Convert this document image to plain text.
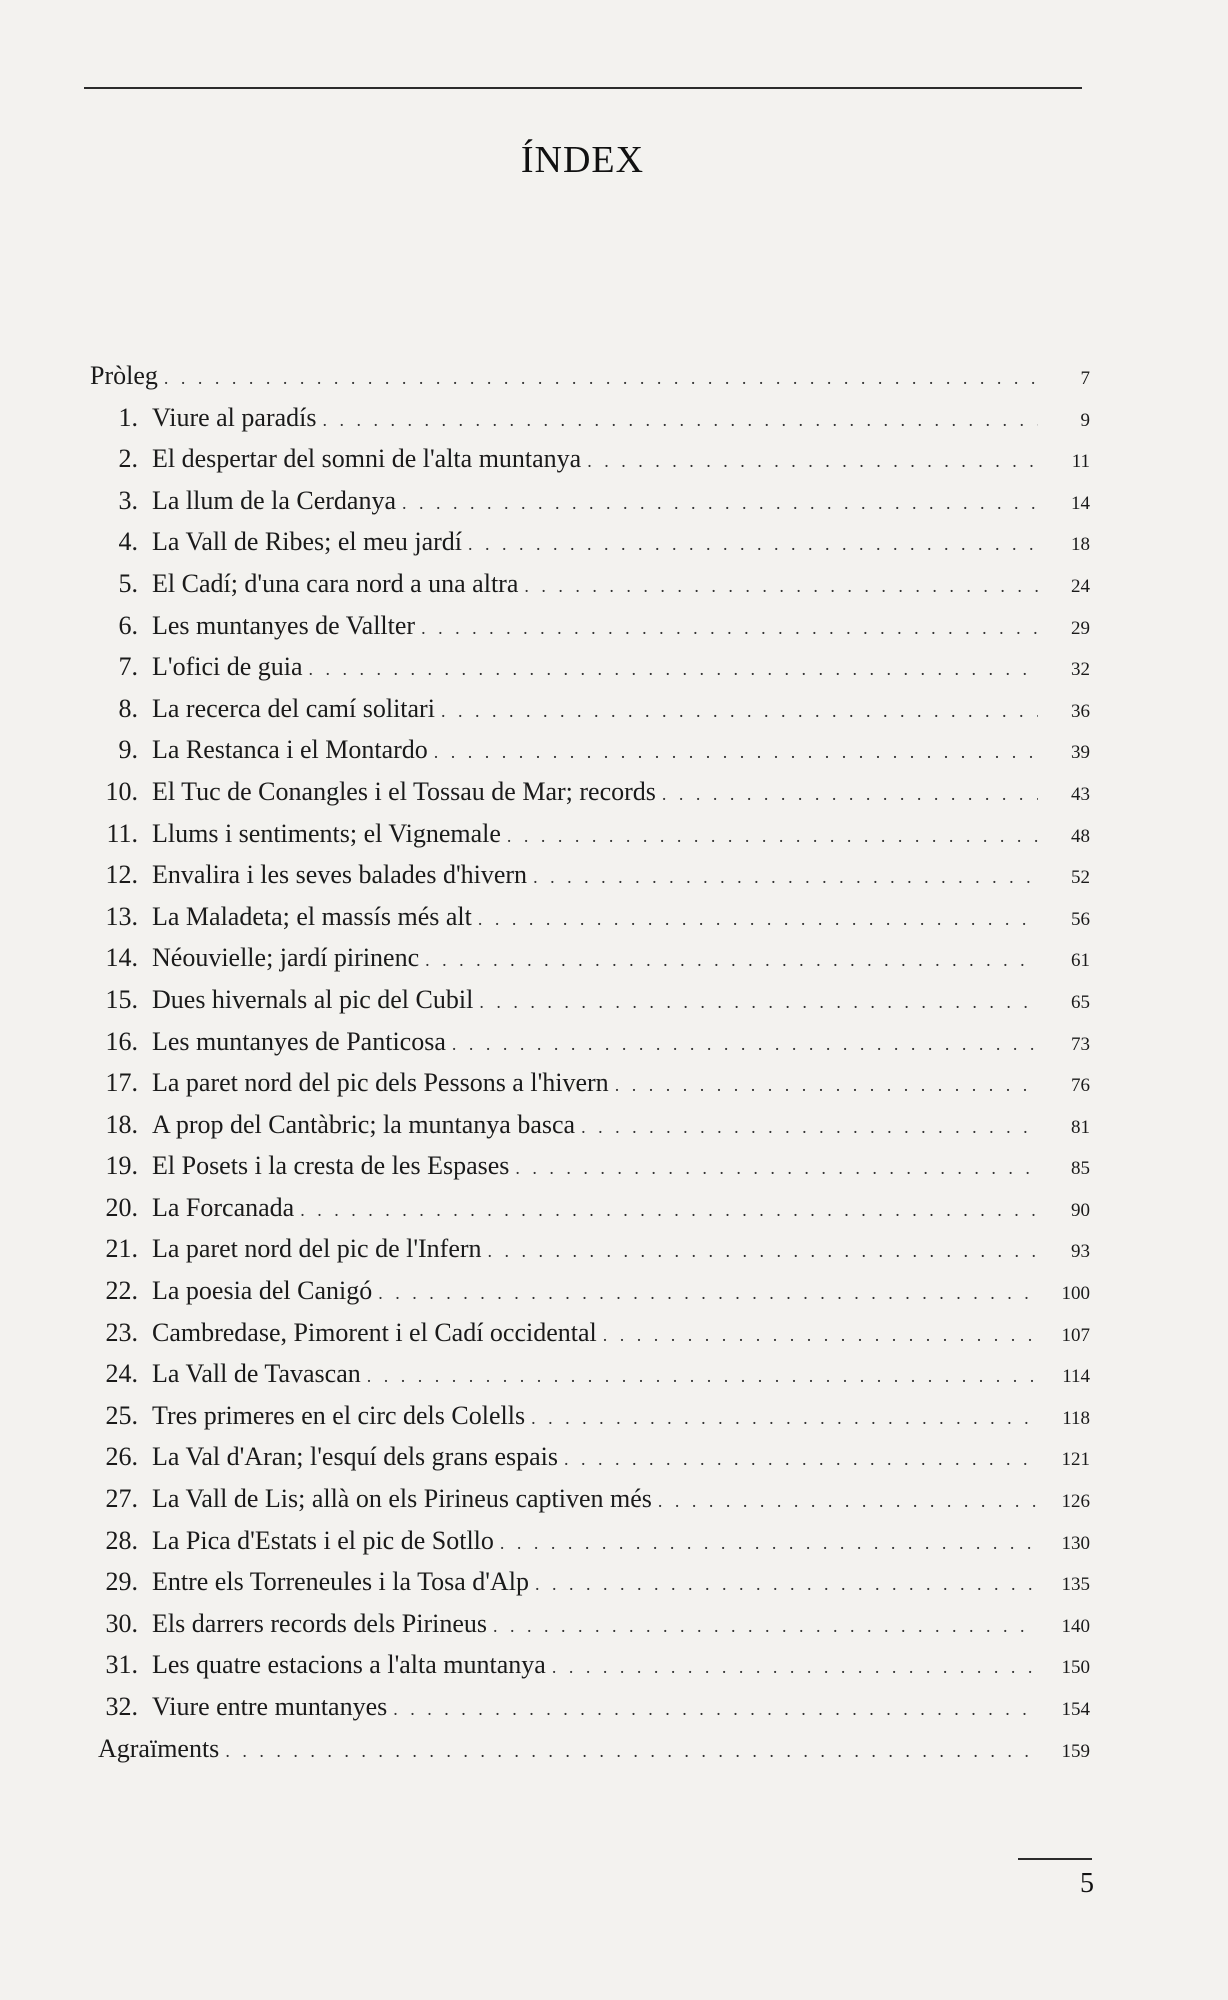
ÍNDEX
Pròleg . . .	7
1. Viure al paradís . . .	9
2. El despertar del somni de l'alta muntanya . . .	11
3. La llum de la Cerdanya . . .	14
4. La Vall de Ribes; el meu jardí . . .	18
5. El Cadí; d'una cara nord a una altra . . .	24
6. Les muntanyes de Vallter . . .	29
7. L'ofici de guia . . .	32
8. La recerca del camí solitari . . .	36
9. La Restanca i el Montardo . . .	39
10. El Tuc de Conangles i el Tossau de Mar; records . . .	43
11. Llums i sentiments; el Vignemale . . .	48
12. Envalira i les seves balades d'hivern . . .	52
13. La Maladeta; el massís més alt . . .	56
14. Néouvielle; jardí pirinenc . . .	61
15. Dues hivernals al pic del Cubil . . .	65
16. Les muntanyes de Panticosa . . .	73
17. La paret nord del pic dels Pessons a l'hivern . . .	76
18. A prop del Cantàbric; la muntanya basca . . .	81
19. El Posets i la cresta de les Espases . . .	85
20. La Forcanada . . .	90
21. La paret nord del pic de l'Infern . . .	93
22. La poesia del Canigó . . .	100
23. Cambredase, Pimorent i el Cadí occidental . . .	107
24. La Vall de Tavascan . . .	114
25. Tres primeres en el circ dels Colells . . .	118
26. La Val d'Aran; l'esquí dels grans espais . . .	121
27. La Vall de Lis; allà on els Pirineus captiven més . . .	126
28. La Pica d'Estats i el pic de Sotllo . . .	130
29. Entre els Torreneules i la Tosa d'Alp . . .	135
30. Els darrers records dels Pirineus . . .	140
31. Les quatre estacions a l'alta muntanya . . .	150
32. Viure entre muntanyes . . .	154
Agraïments . . .	159
5
